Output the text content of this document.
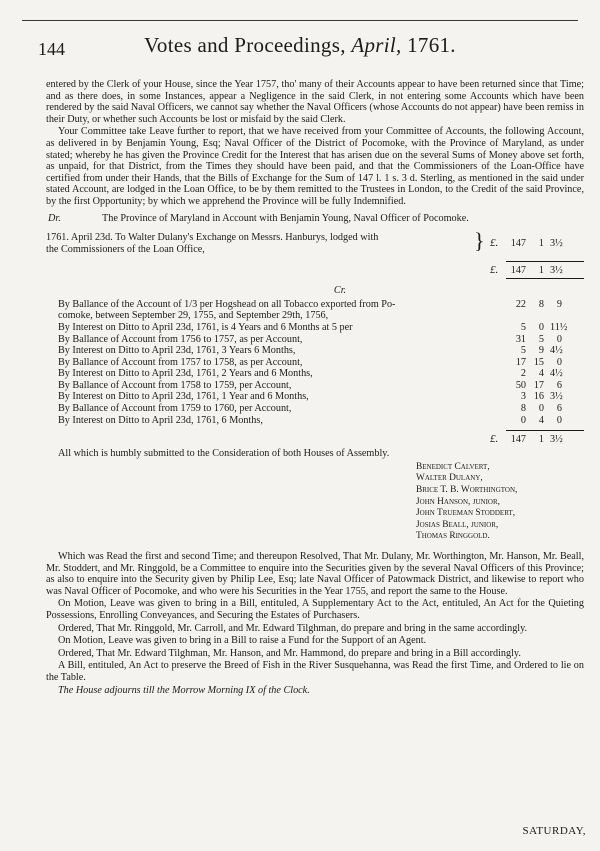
144	Votes and Proceedings, April, 1761.

entered by the Clerk of your House, since the Year 1757, tho' many of their Accounts appear to have been returned since that Time; and as there does, in some Instances, appear a Negligence in the said Clerk, in not entering some Accounts which have been rendered by the said Naval Officers, we cannot say whether the Naval Officers (whose Accounts do not appear) have been remiss in their Duty, or whether such Accounts be lost or misfaid by the said Clerk.

Your Committee take Leave further to report, that we have received from your Committee of Accounts, the following Account, as delivered in by Benjamin Young, Esq; Naval Officer of the District of Pocomoke, with the Province of Maryland, as under stated; whereby he has given the Province Credit for the Interest that has arisen due on the several Sums of Money above set forth, as unpaid, for that District, from the Times they should have been paid, and that the Commissioners of the Loan-Office have certified from under their Hands, that the Bills of Exchange for the Sum of 147 l. 1 s. 3 d. Sterling, as mentioned in the said under stated Account, are lodged in the Loan Office, to be by them remitted to the Trustees in London, to the Credit of the said Province, by the first Opportunity; by which we apprehend the Province will be fully Indemnified.

Dr.	The Province of Maryland in Account with Benjamin Young, Naval Officer of Pocomoke.
1761. April 23d. To Walter Dulany's Exchange on Messrs. Hanburys, lodged with
the Commissioners of the Loan Office,	} £.	147	1 3½
£.	147	1 3½
Cr.
By Ballance of the Account of 1/3 per Hogshead on all Tobacco exported from Po-	22	8	9
comoke, between September 29, 1755, and September 29th, 1756,
By Interest on Ditto to April 23d, 1761, is 4 Years and 6 Months at 5 per	5	0 11½
By Ballance of Account from 1756 to 1757, as per Account,	31	5	0
By Interest on Ditto to April 23d, 1761, 3 Years 6 Months,	5	9 4½
By Ballance of Account from 1757 to 1758, as per Account,	17 15	0
By Interest on Ditto to April 23d, 1761, 2 Years and 6 Months,	2	4 4½
By Ballance of Account from 1758 to 1759, per Account,	50 17	6
By Interest on Ditto to April 23d, 1761, 1 Year and 6 Months,	3 16 3½
By Ballance of Account from 1759 to 1760, per Account,	8	0	6
By Interest on Ditto to April 23d, 1761, 6 Months,	0	4	0
£.	147	1 3½

All which is humbly submitted to the Consideration of both Houses of Assembly.

Benedict Calvert,
Walter Dulany,
Brice T. B. Worthington,
John Hanson, junior,
John Trueman Stoddert,
Josias Beall, junior,
Thomas Ringgold.

Which was Read the first and second Time; and thereupon Resolved, That Mr. Dulany, Mr. Worthington, Mr. Hanson, Mr. Beall, Mr. Stoddert, and Mr. Ringgold, be a Committee to enquire into the Securities given by the several Naval Officers of this Province; as also to enquire into the Security given by Philip Lee, Esq; late Naval Officer of Patowmack District, and likewise to report who was Naval Officer of Pocomoke, and who were his Securities in the Year 1755, and report the same to the House.

On Motion, Leave was given to bring in a Bill, entituled, A Supplementary Act to the Act, entituled, An Act for the Quieting Possessions, Enrolling Conveyances, and Securing the Estates of Purchasers.

Ordered, That Mr. Ringgold, Mr. Carroll, and Mr. Edward Tilghman, do prepare and bring in the same accordingly.

On Motion, Leave was given to bring in a Bill to raise a Fund for the Support of an Agent.

Ordered, That Mr. Edward Tilghman, Mr. Hanson, and Mr. Hammond, do prepare and bring in a Bill accordingly.

A Bill, entituled, An Act to preserve the Breed of Fish in the River Susquehanna, was Read the first Time, and Ordered to lie on the Table.

The House adjourns till the Morrow Morning IX of the Clock.

SATURDAY,
